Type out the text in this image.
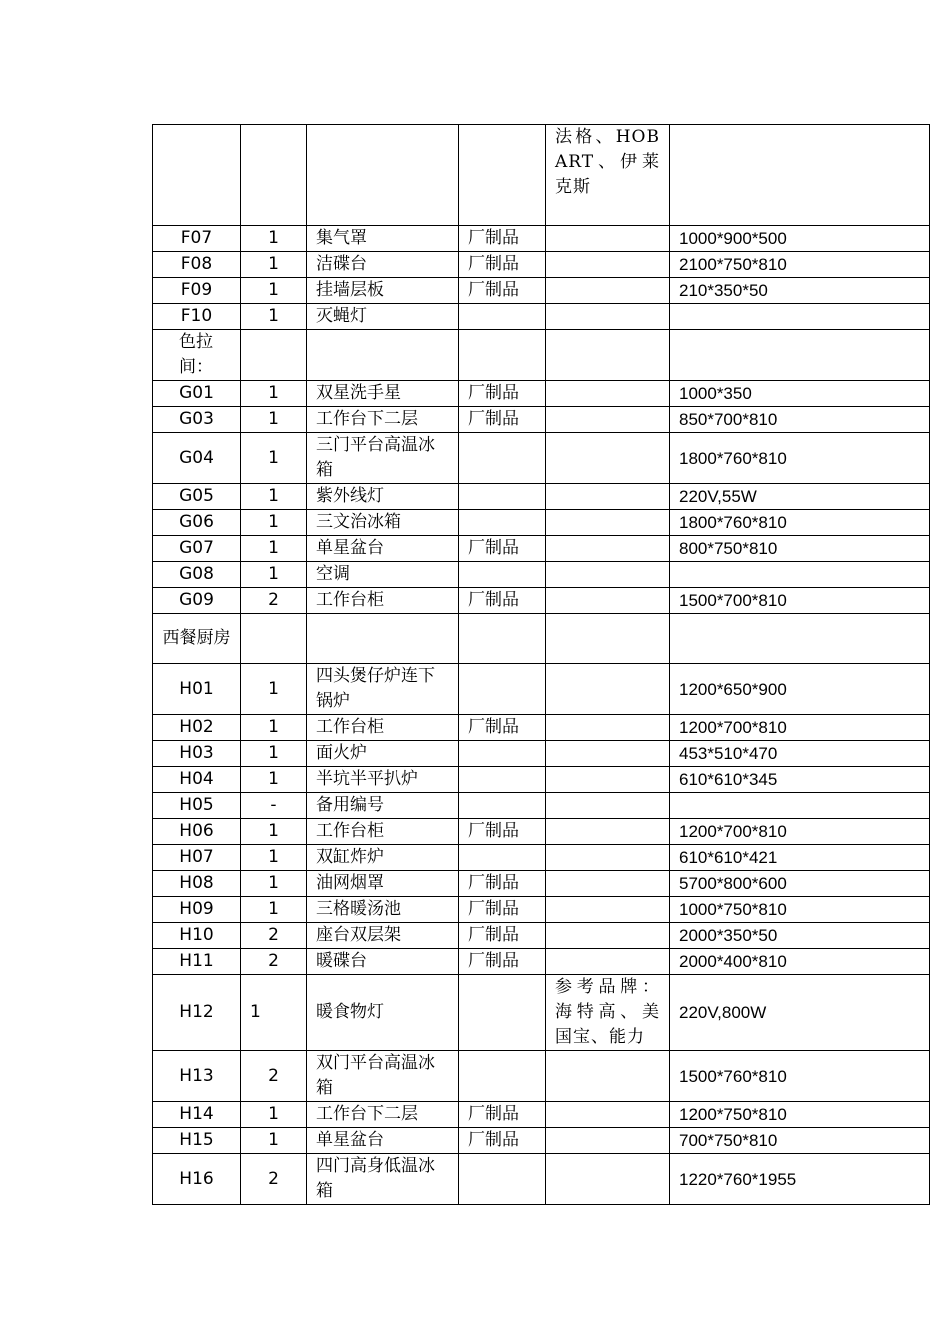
				法格、HOBART、伊莱克斯	
F07	1	集气罩	厂制品		1000*900*500
F08	1	洁碟台	厂制品		2100*750*810
F09	1	挂墙层板	厂制品		210*350*50
F10	1	灭蝇灯			
色拉间：					
G01	1	双星洗手星	厂制品		1000*350
G03	1	工作台下二层	厂制品		850*700*810
G04	1	三门平台高温冰箱			1800*760*810
G05	1	紫外线灯			220V,55W
G06	1	三文治冰箱			1800*760*810
G07	1	单星盆台	厂制品		800*750*810
G08	1	空调			
G09	2	工作台柜	厂制品		1500*700*810
西餐厨房					
H01	1	四头煲仔炉连下锅炉			1200*650*900
H02	1	工作台柜	厂制品		1200*700*810
H03	1	面火炉			453*510*470
H04	1	半坑半平扒炉			610*610*345
H05	-	备用编号			
H06	1	工作台柜	厂制品		1200*700*810
H07	1	双缸炸炉			610*610*421
H08	1	油网烟罩	厂制品		5700*800*600
H09	1	三格暖汤池	厂制品		1000*750*810
H10	2	座台双层架	厂制品		2000*350*50
H11	2	暖碟台	厂制品		2000*400*810
H12	1	暖食物灯		参考品牌：海特高、美国宝、能力	220V,800W
H13	2	双门平台高温冰箱			1500*760*810
H14	1	工作台下二层	厂制品		1200*750*810
H15	1	单星盆台	厂制品		700*750*810
H16	2	四门高身低温冰箱			1220*760*1955
